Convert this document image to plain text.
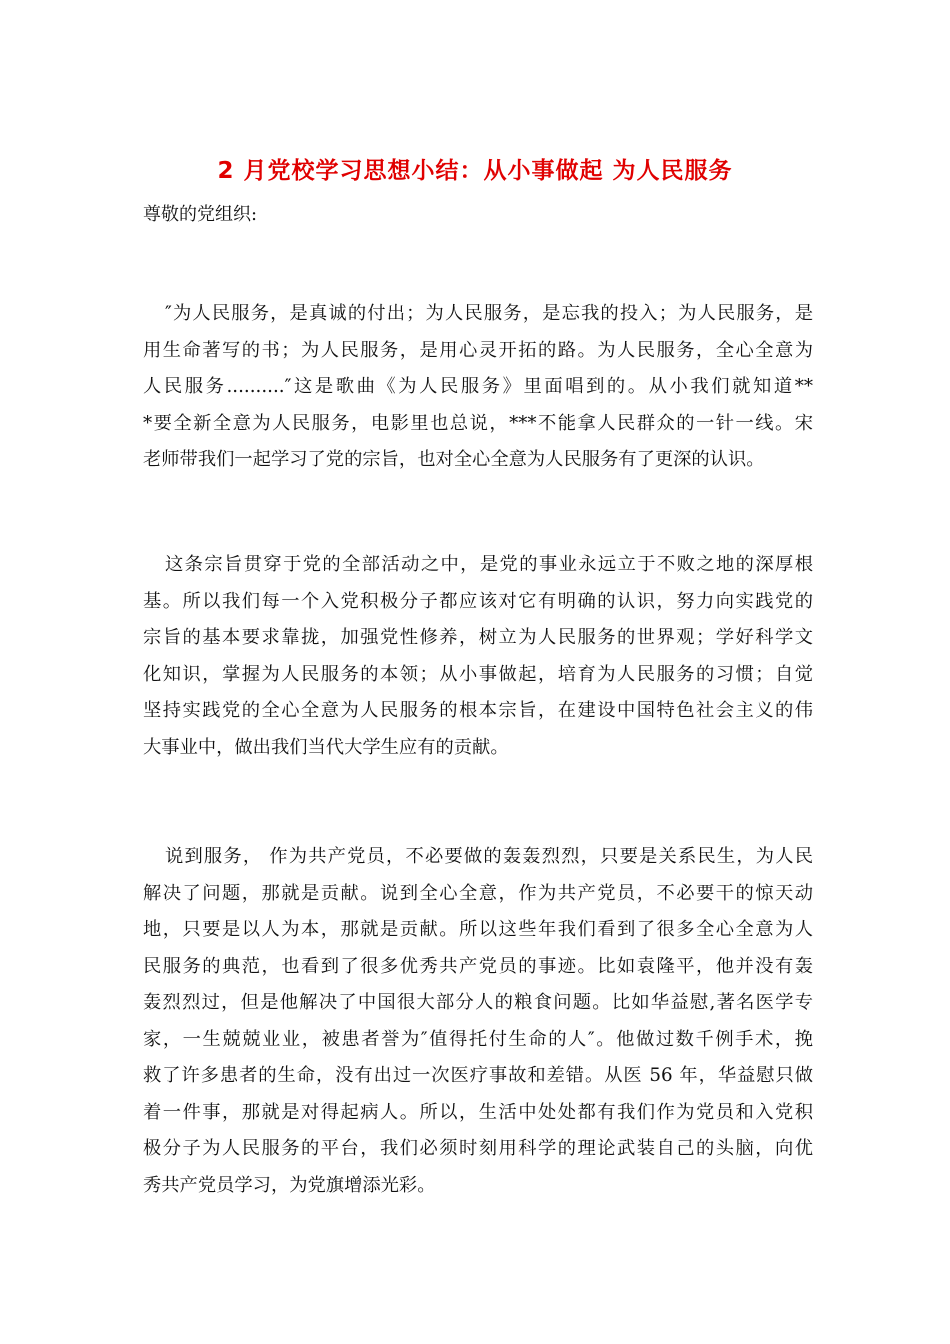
2 月党校学习思想小结：从小事做起 为人民服务
尊敬的党组织:
″为人民服务，是真诚的付出；为人民服务，是忘我的投入；为人民服务，是
用生命著写的书；为人民服务，是用心灵开拓的路。为人民服务，全心全意为
人民服务..........″这是歌曲《为人民服务》里面唱到的。从小我们就知道**
*要全新全意为人民服务，电影里也总说，***不能拿人民群众的一针一线。宋
老师带我们一起学习了党的宗旨，也对全心全意为人民服务有了更深的认识。
这条宗旨贯穿于党的全部活动之中，是党的事业永远立于不败之地的深厚根
基。所以我们每一个入党积极分子都应该对它有明确的认识，努力向实践党的
宗旨的基本要求靠拢，加强党性修养，树立为人民服务的世界观；学好科学文
化知识，掌握为人民服务的本领；从小事做起，培育为人民服务的习惯；自觉
坚持实践党的全心全意为人民服务的根本宗旨，在建设中国特色社会主义的伟
大事业中，做出我们当代大学生应有的贡献。
说到服务， 作为共产党员，不必要做的轰轰烈烈，只要是关系民生，为人民
解决了问题，那就是贡献。说到全心全意，作为共产党员，不必要干的惊天动
地，只要是以人为本，那就是贡献。所以这些年我们看到了很多全心全意为人
民服务的典范，也看到了很多优秀共产党员的事迹。比如袁隆平，他并没有轰
轰烈烈过，但是他解决了中国很大部分人的粮食问题。比如华益慰,著名医学专
家，一生兢兢业业，被患者誉为″值得托付生命的人″。他做过数千例手术，挽
救了许多患者的生命，没有出过一次医疗事故和差错。从医 56 年，华益慰只做
着一件事，那就是对得起病人。所以，生活中处处都有我们作为党员和入党积
极分子为人民服务的平台，我们必须时刻用科学的理论武装自己的头脑，向优
秀共产党员学习，为党旗增添光彩。
